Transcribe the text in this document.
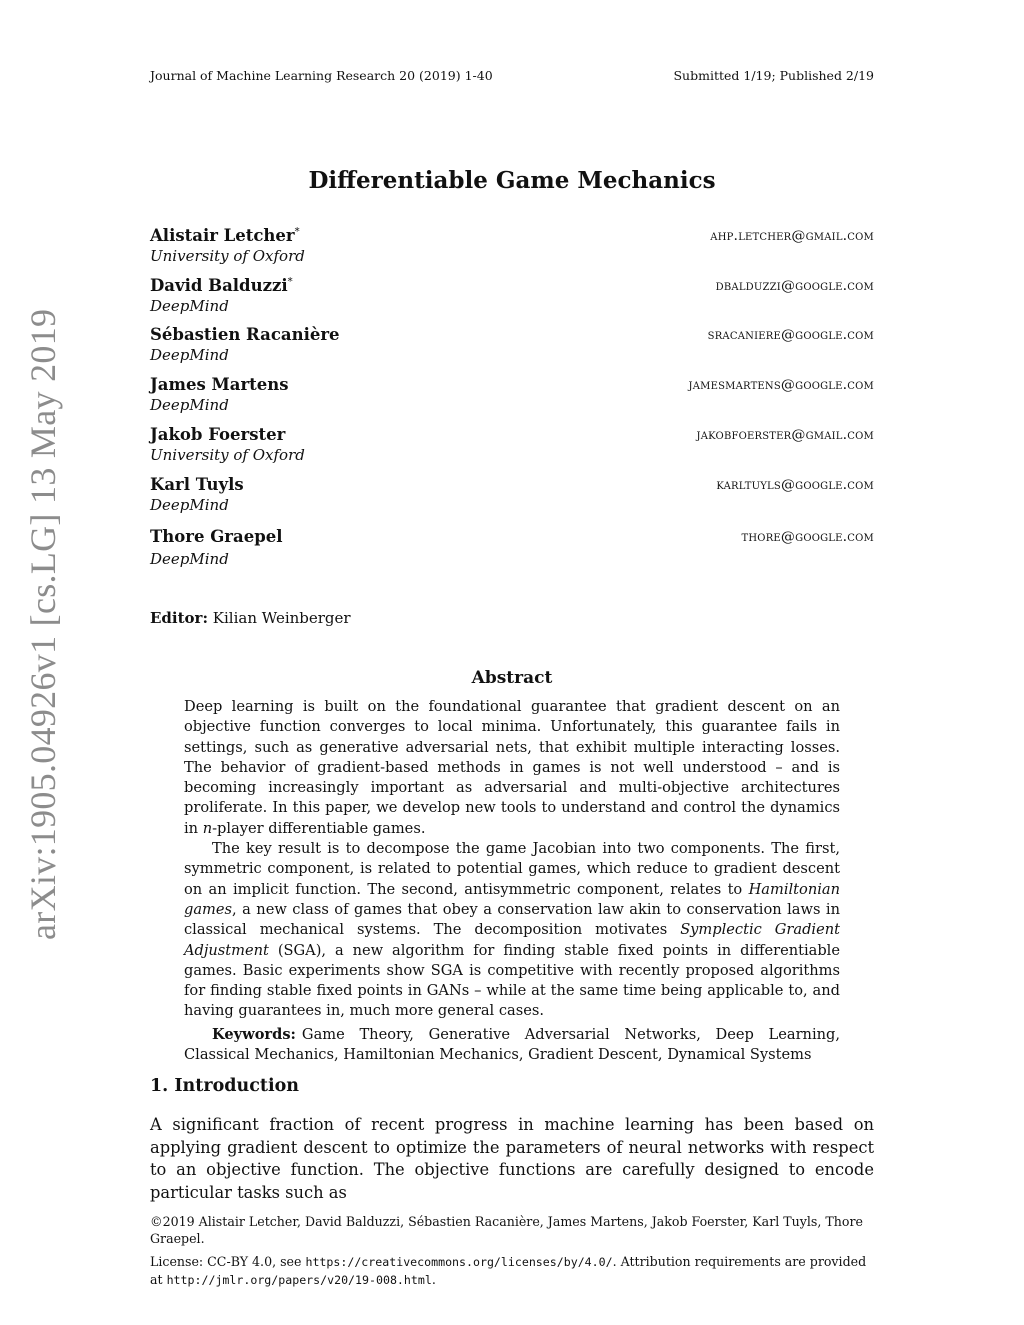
Journal of Machine Learning Research 20 (2019) 1-40	Submitted 1/19; Published 2/19
arXiv:1905.04926v1 [cs.LG] 13 May 2019
Differentiable Game Mechanics
Alistair Letcher*	ahp.letcher@gmail.com
University of Oxford
David Balduzzi*	dbalduzzi@google.com
DeepMind
Sébastien Racanière	sracaniere@google.com
DeepMind
James Martens	jamesmartens@google.com
DeepMind
Jakob Foerster	jakobfoerster@gmail.com
University of Oxford
Karl Tuyls	karltuyls@google.com
DeepMind
Thore Graepel	thore@google.com
DeepMind
Editor: Kilian Weinberger
Abstract

Deep learning is built on the foundational guarantee that gradient descent on an objective function converges to local minima. Unfortunately, this guarantee fails in settings, such as generative adversarial nets, that exhibit multiple interacting losses. The behavior of gradient-based methods in games is not well understood – and is becoming increasingly important as adversarial and multi-objective architectures proliferate. In this paper, we develop new tools to understand and control the dynamics in n-player differentiable games.

The key result is to decompose the game Jacobian into two components. The first, symmetric component, is related to potential games, which reduce to gradient descent on an implicit function. The second, antisymmetric component, relates to Hamiltonian games, a new class of games that obey a conservation law akin to conservation laws in classical mechanical systems. The decomposition motivates Symplectic Gradient Adjustment (SGA), a new algorithm for finding stable fixed points in differentiable games. Basic experiments show SGA is competitive with recently proposed algorithms for finding stable fixed points in GANs – while at the same time being applicable to, and having guarantees in, much more general cases.

Keywords: Game Theory, Generative Adversarial Networks, Deep Learning, Classical Mechanics, Hamiltonian Mechanics, Gradient Descent, Dynamical Systems

1. Introduction

A significant fraction of recent progress in machine learning has been based on applying gradient descent to optimize the parameters of neural networks with respect to an objective function. The objective functions are carefully designed to encode particular tasks such as

©2019 Alistair Letcher, David Balduzzi, Sébastien Racanière, James Martens, Jakob Foerster, Karl Tuyls, Thore Graepel.
License: CC-BY 4.0, see https://creativecommons.org/licenses/by/4.0/. Attribution requirements are provided at http://jmlr.org/papers/v20/19-008.html.
